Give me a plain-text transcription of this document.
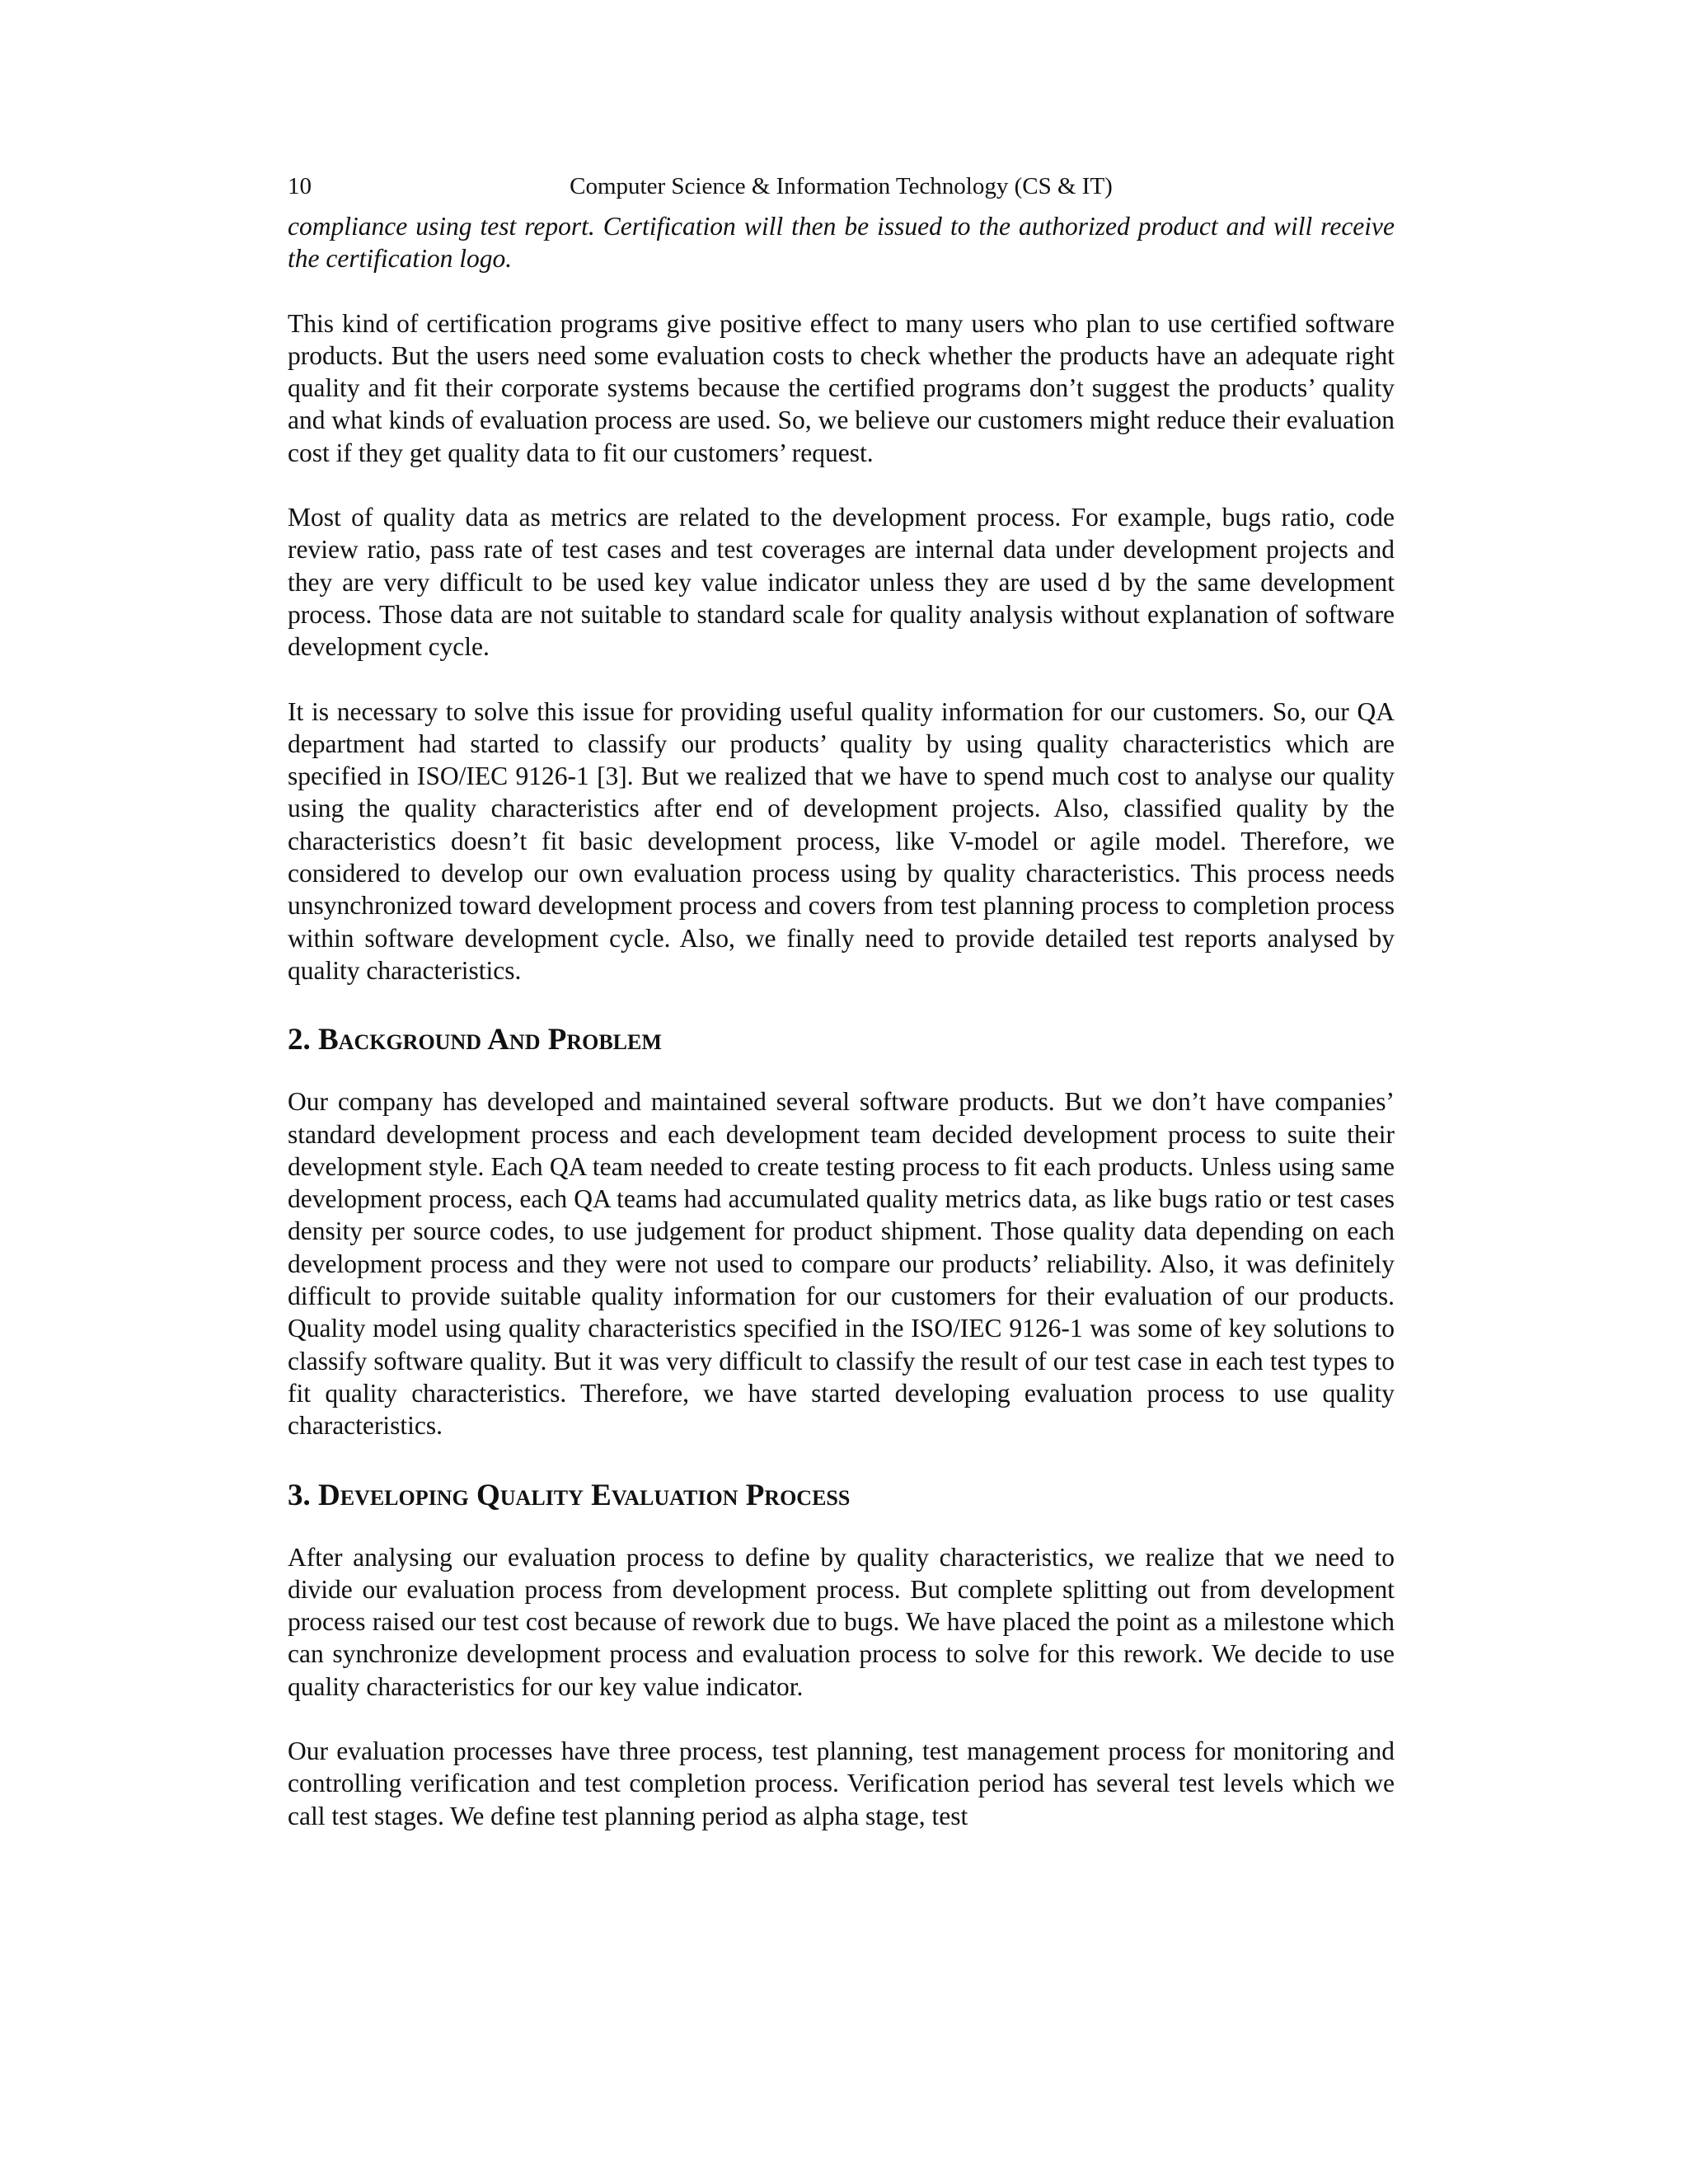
10	Computer Science & Information Technology (CS & IT)

compliance using test report. Certification will then be issued to the authorized product and will receive the certification logo.

This kind of certification programs give positive effect to many users who plan to use certified software products. But the users need some evaluation costs to check whether the products have an adequate right quality and fit their corporate systems because the certified programs don’t suggest the products’ quality and what kinds of evaluation process are used. So, we believe our customers might reduce their evaluation cost if they get quality data to fit our customers’ request.

Most of quality data as metrics are related to the development process. For example, bugs ratio, code review ratio, pass rate of test cases and test coverages are internal data under development projects and they are very difficult to be used key value indicator unless they are used d by the same development process. Those data are not suitable to standard scale for quality analysis without explanation of software development cycle.

It is necessary to solve this issue for providing useful quality information for our customers. So, our QA department had started to classify our products’ quality by using quality characteristics which are specified in ISO/IEC 9126-1 [3]. But we realized that we have to spend much cost to analyse our quality using the quality characteristics after end of development projects. Also, classified quality by the characteristics doesn’t fit basic development process, like V-model or agile model. Therefore, we considered to develop our own evaluation process using by quality characteristics. This process needs unsynchronized toward development process and covers from test planning process to completion process within software development cycle. Also, we finally need to provide detailed test reports analysed by quality characteristics.

2. Background And Problem

Our company has developed and maintained several software products. But we don’t have companies’ standard development process and each development team decided development process to suite their development style. Each QA team needed to create testing process to fit each products. Unless using same development process, each QA teams had accumulated quality metrics data, as like bugs ratio or test cases density per source codes, to use judgement for product shipment. Those quality data depending on each development process and they were not used to compare our products’ reliability. Also, it was definitely difficult to provide suitable quality information for our customers for their evaluation of our products. Quality model using quality characteristics specified in the ISO/IEC 9126-1 was some of key solutions to classify software quality. But it was very difficult to classify the result of our test case in each test types to fit quality characteristics. Therefore, we have started developing evaluation process to use quality characteristics.

3. Developing Quality Evaluation Process

After analysing our evaluation process to define by quality characteristics, we realize that we need to divide our evaluation process from development process. But complete splitting out from development process raised our test cost because of rework due to bugs. We have placed the point as a milestone which can synchronize development process and evaluation process to solve for this rework. We decide to use quality characteristics for our key value indicator.

Our evaluation processes have three process, test planning, test management process for monitoring and controlling verification and test completion process. Verification period has several test levels which we call test stages. We define test planning period as alpha stage, test
